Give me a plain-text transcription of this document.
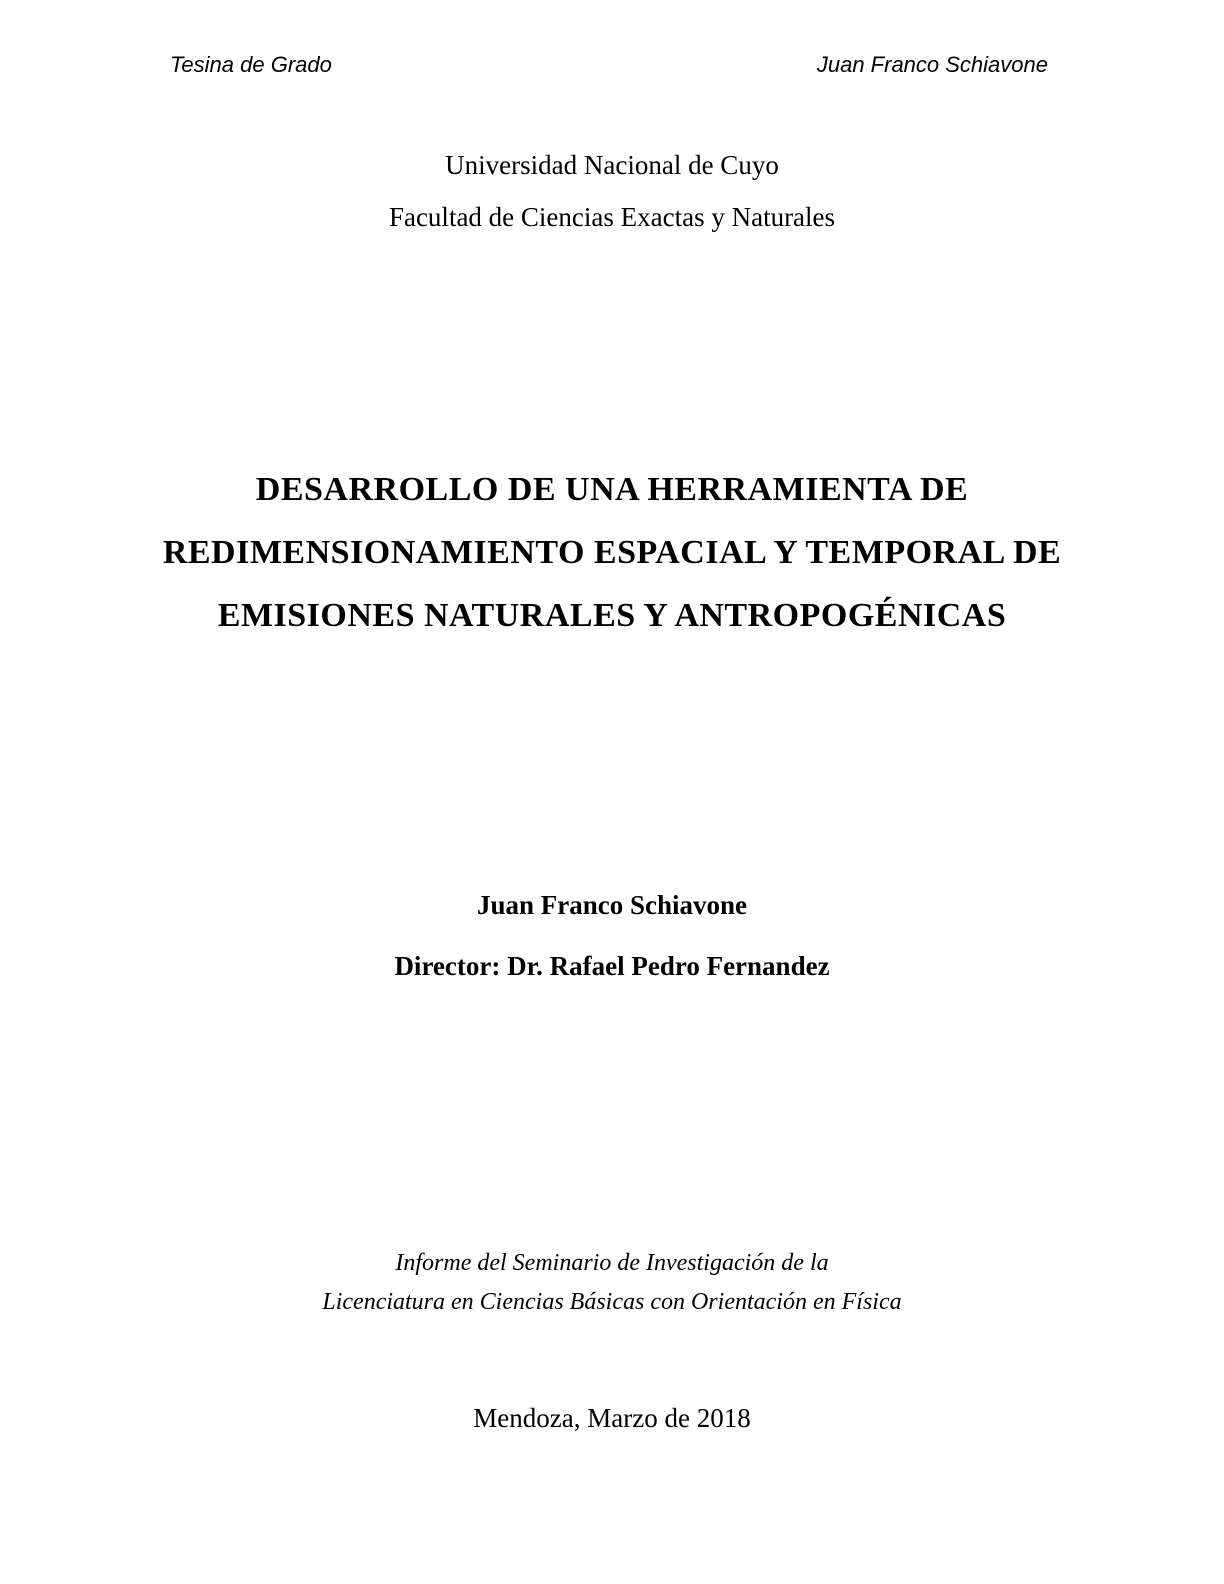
Tesina de Grado	Juan Franco Schiavone
Universidad Nacional de Cuyo
Facultad de Ciencias Exactas y Naturales
DESARROLLO DE UNA HERRAMIENTA DE
REDIMENSIONAMIENTO ESPACIAL Y TEMPORAL DE
EMISIONES NATURALES Y ANTROPOGÉNICAS
Juan Franco Schiavone
Director: Dr. Rafael Pedro Fernandez
Informe del Seminario de Investigación de la
Licenciatura en Ciencias Básicas con Orientación en Física
Mendoza, Marzo de 2018
